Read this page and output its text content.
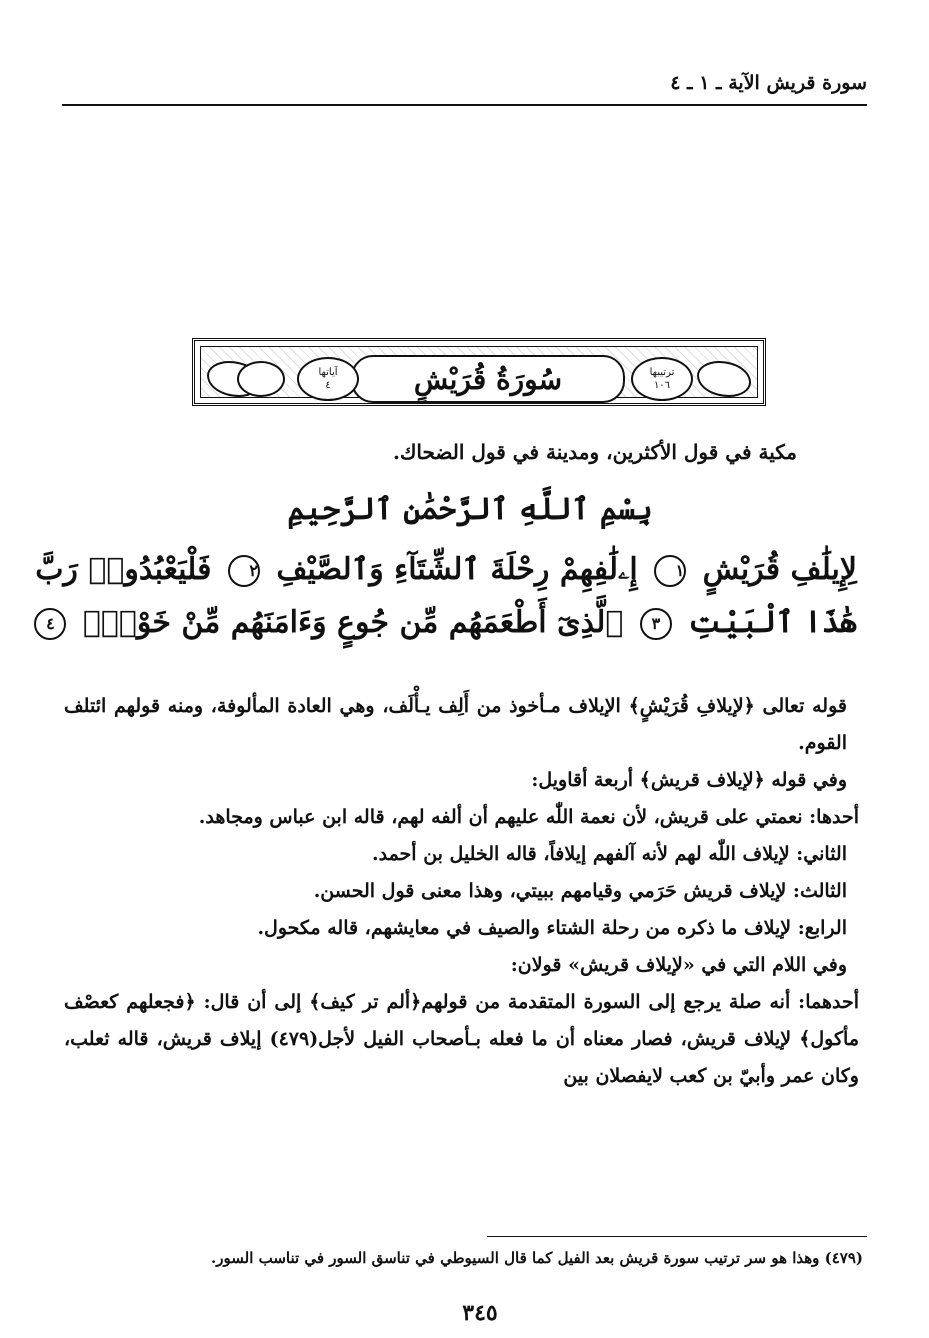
سورة قريش الآية ـ ١ ـ ٤
ترتيبها
١٠٦
سُورَةُ قُرَيْشٍ
آياتها
٤
مكية في قول الأكثرين، ومدينة في قول الضحاك.
بِسْمِ ٱللَّهِ ٱلرَّحْمَٰنِ ٱلرَّحِيمِ
لِإِيلَٰفِ قُرَيْشٍ ١ إِۦلَٰفِهِمْ رِحْلَةَ ٱلشِّتَآءِ وَٱلصَّيْفِ ٢ فَلْيَعْبُدُوا۟ رَبَّ
هَٰذَا ٱلْبَيْتِ ٣ ٱلَّذِىٓ أَطْعَمَهُم مِّن جُوعٍ وَءَامَنَهُم مِّنْ خَوْفٍۭ ٤

قوله تعالى ﴿لإيلافِ قُرَيْشٍ﴾ الإيلاف مـأخوذ من أَلِف يـأْلَف، وهي العادة المألوفة، ومنه قولهم ائتلف القوم.

وفي قوله ﴿لإيلاف قريش﴾ أربعة أقاويل:

أحدها: نعمتي على قريش، لأن نعمة اللّٰه عليهم أن ألفه لهم، قاله ابن عباس ومجاهد.

الثاني: لإيلاف اللّٰه لهم لأنه آلفهم إيلافاً، قاله الخليل بن أحمد.

الثالث: لإيلاف قريش حَرَمي وقيامهم ببيتي، وهذا معنى قول الحسن.

الرابع: لإيلاف ما ذكره من رحلة الشتاء والصيف في معايشهم، قاله مكحول.

وفي اللام التي في «لإيلاف قريش» قولان:

أحدهما: أنه صلة يرجع إلى السورة المتقدمة من قولهم﴿ألم تر كيف﴾ إلى أن قال: ﴿فجعلهم كعصْف مأكول﴾ لإيلاف قريش، فصار معناه أن ما فعله بـأصحاب الفيل لأجل(٤٧٩) إيلاف قريش، قاله ثعلب، وكان عمر وأبيّ بن كعب لايفصلان بين

(٤٧٩) وهذا هو سر ترتيب سورة قريش بعد الفيل كما قال السيوطي في تناسق السور في تناسب السور.
٣٤٥
